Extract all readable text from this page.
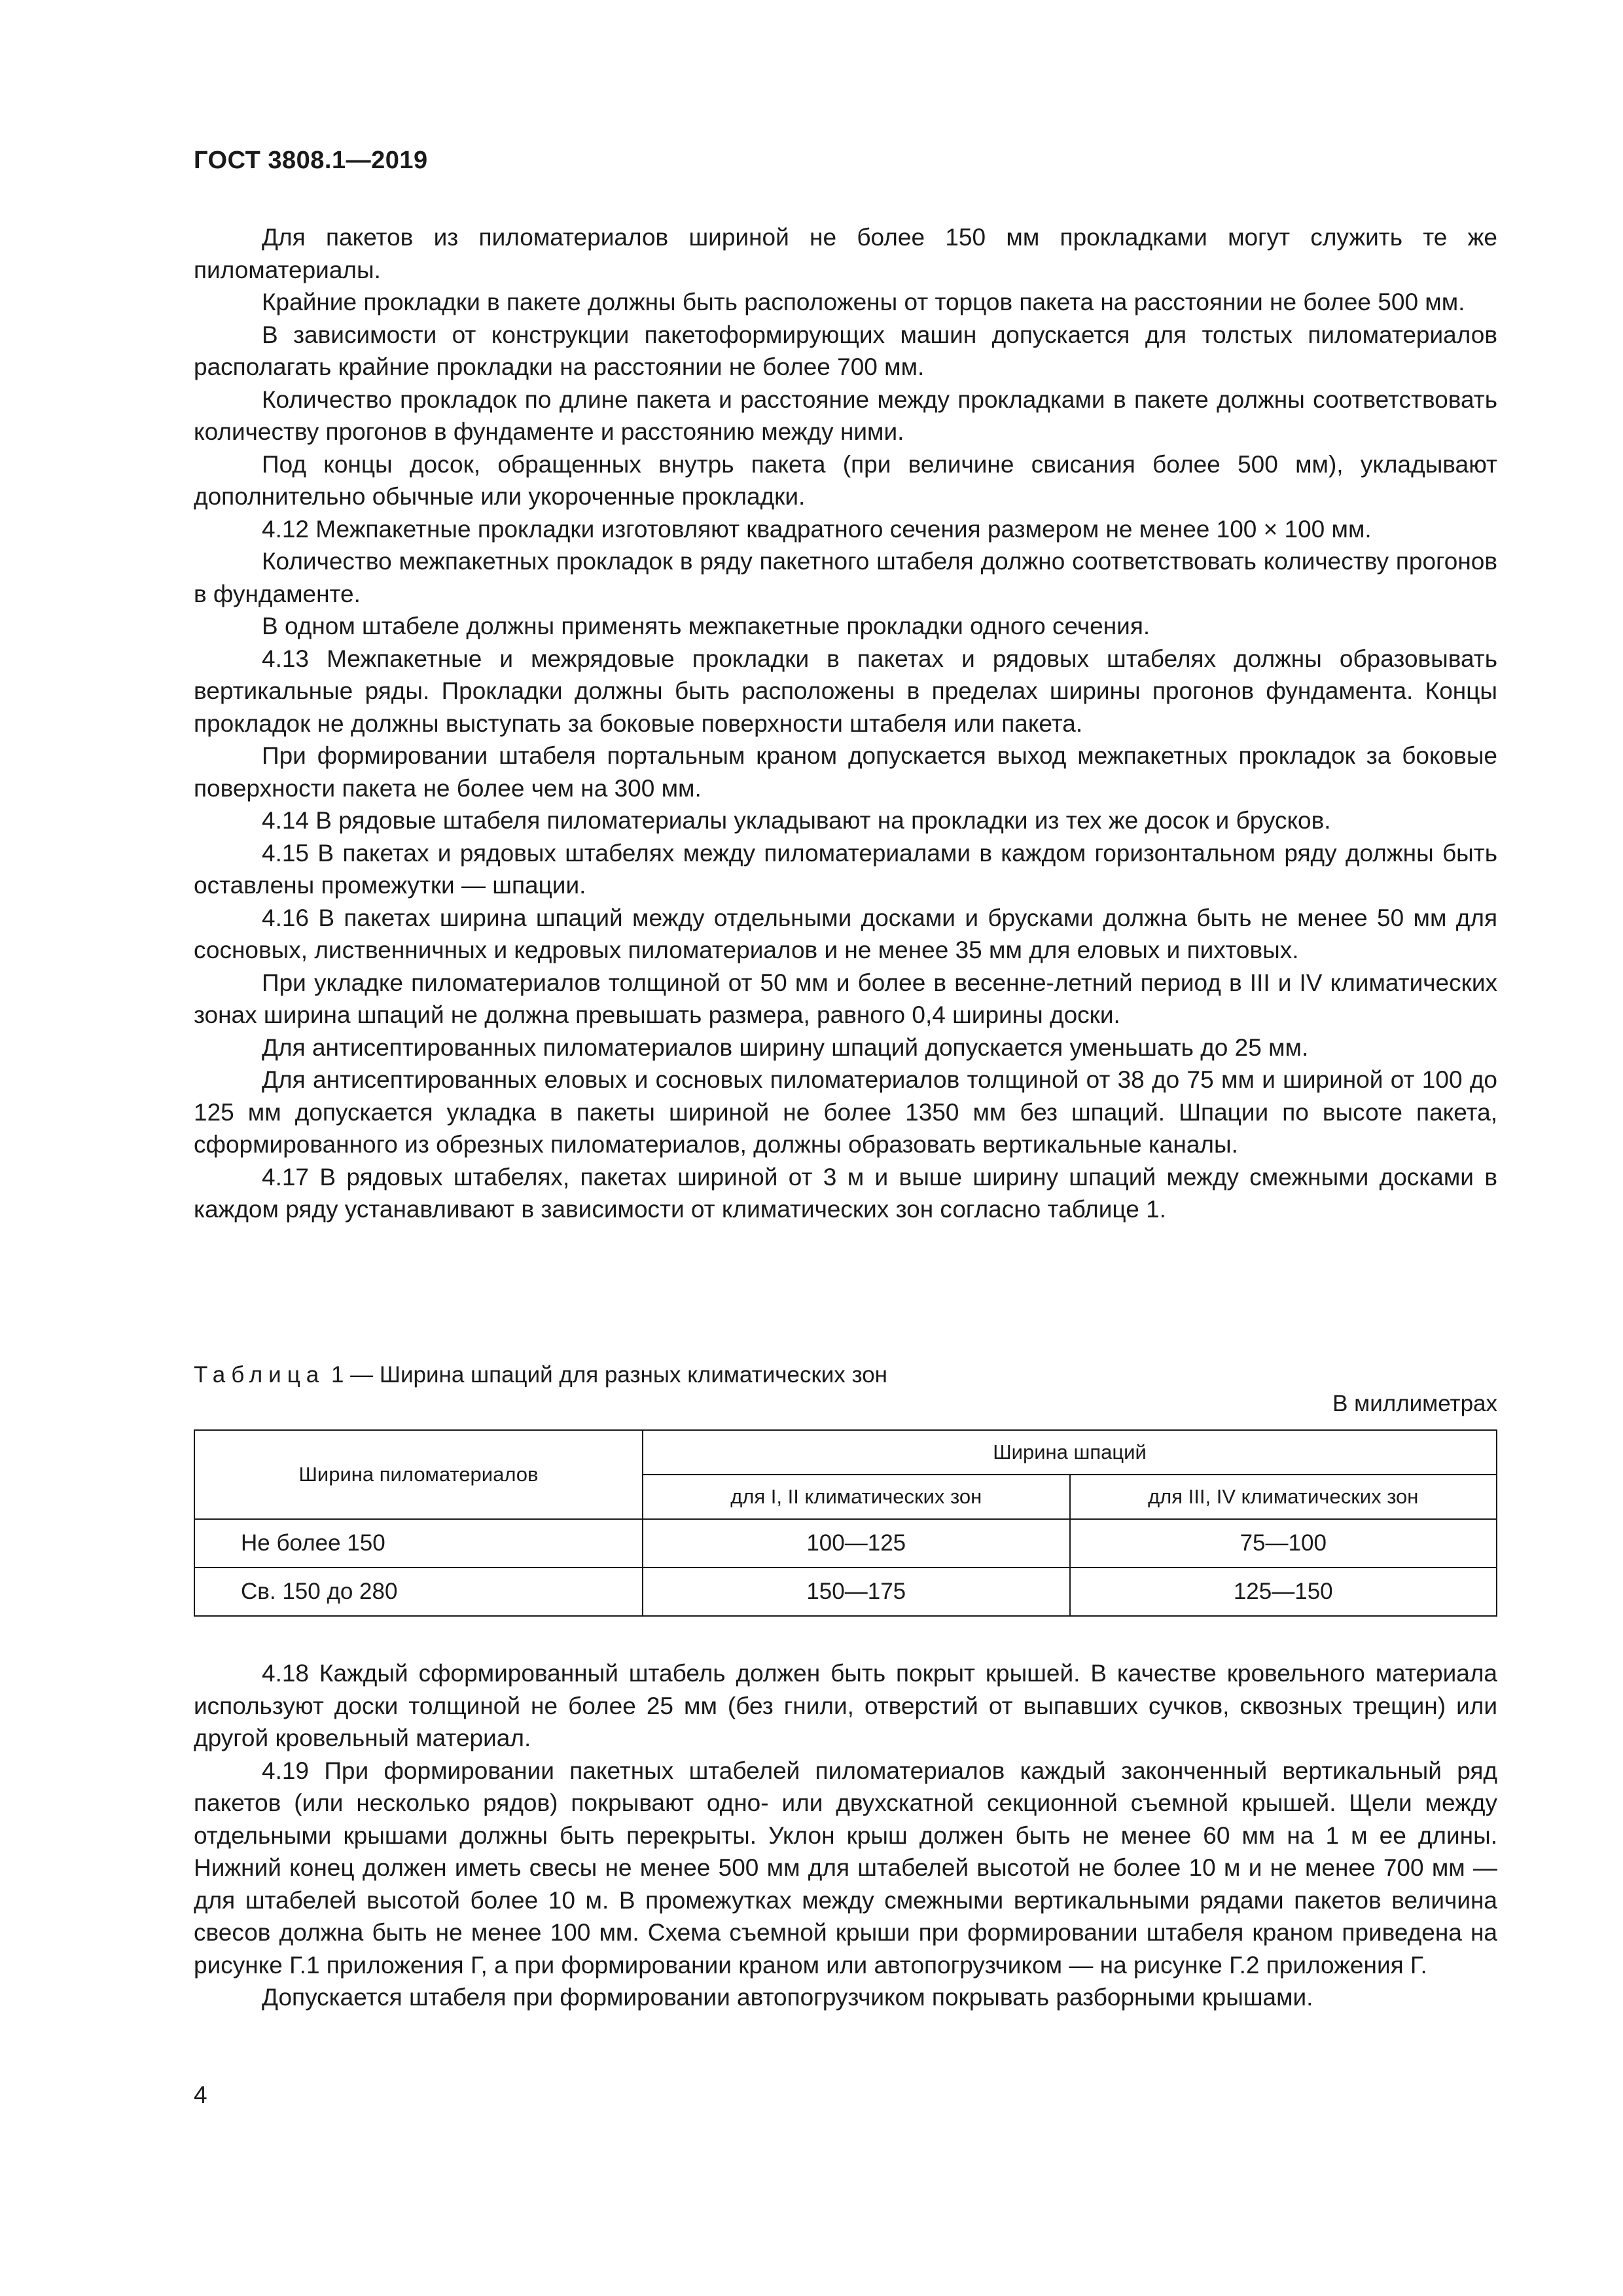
ГОСТ 3808.1—2019

Для пакетов из пиломатериалов шириной не более 150 мм прокладками могут служить те же пиломатериалы.

Крайние прокладки в пакете должны быть расположены от торцов пакета на расстоянии не более 500 мм.

В зависимости от конструкции пакетоформирующих машин допускается для толстых пиломатериалов располагать крайние прокладки на расстоянии не более 700 мм.

Количество прокладок по длине пакета и расстояние между прокладками в пакете должны соответствовать количеству прогонов в фундаменте и расстоянию между ними.

Под концы досок, обращенных внутрь пакета (при величине свисания более 500 мм), укладывают дополнительно обычные или укороченные прокладки.

4.12 Межпакетные прокладки изготовляют квадратного сечения размером не менее 100 × 100 мм.

Количество межпакетных прокладок в ряду пакетного штабеля должно соответствовать количеству прогонов в фундаменте.

В одном штабеле должны применять межпакетные прокладки одного сечения.

4.13 Межпакетные и межрядовые прокладки в пакетах и рядовых штабелях должны образовывать вертикальные ряды. Прокладки должны быть расположены в пределах ширины прогонов фундамента. Концы прокладок не должны выступать за боковые поверхности штабеля или пакета.

При формировании штабеля портальным краном допускается выход межпакетных прокладок за боковые поверхности пакета не более чем на 300 мм.

4.14 В рядовые штабеля пиломатериалы укладывают на прокладки из тех же досок и брусков.

4.15 В пакетах и рядовых штабелях между пиломатериалами в каждом горизонтальном ряду должны быть оставлены промежутки — шпации.

4.16 В пакетах ширина шпаций между отдельными досками и брусками должна быть не менее 50 мм для сосновых, лиственничных и кедровых пиломатериалов и не менее 35 мм для еловых и пихтовых.

При укладке пиломатериалов толщиной от 50 мм и более в весенне-летний период в III и IV климатических зонах ширина шпаций не должна превышать размера, равного 0,4 ширины доски.

Для антисептированных пиломатериалов ширину шпаций допускается уменьшать до 25 мм.

Для антисептированных еловых и сосновых пиломатериалов толщиной от 38 до 75 мм и шириной от 100 до 125 мм допускается укладка в пакеты шириной не более 1350 мм без шпаций. Шпации по высоте пакета, сформированного из обрезных пиломатериалов, должны образовать вертикальные каналы.

4.17 В рядовых штабелях, пакетах шириной от 3 м и выше ширину шпаций между смежными досками в каждом ряду устанавливают в зависимости от климатических зон согласно таблице 1.

Таблица 1 — Ширина шпаций для разных климатических зон
В миллиметрах
Ширина пиломатериалов	Ширина шпаций	
	для I, II климатических зон	для III, IV климатических зон
Не более 150	100—125	75—100
Св. 150 до 280	150—175	125—150

4.18 Каждый сформированный штабель должен быть покрыт крышей. В качестве кровельного материала используют доски толщиной не более 25 мм (без гнили, отверстий от выпавших сучков, сквозных трещин) или другой кровельный материал.

4.19 При формировании пакетных штабелей пиломатериалов каждый законченный вертикальный ряд пакетов (или несколько рядов) покрывают одно- или двухскатной секционной съемной крышей. Щели между отдельными крышами должны быть перекрыты. Уклон крыш должен быть не менее 60 мм на 1 м ее длины. Нижний конец должен иметь свесы не менее 500 мм для штабелей высотой не более 10 м и не менее 700 мм — для штабелей высотой более 10 м. В промежутках между смежными вертикальными рядами пакетов величина свесов должна быть не менее 100 мм. Схема съемной крыши при формировании штабеля краном приведена на рисунке Г.1 приложения Г, а при формировании краном или автопогрузчиком — на рисунке Г.2 приложения Г.

Допускается штабеля при формировании автопогрузчиком покрывать разборными крышами.

4
